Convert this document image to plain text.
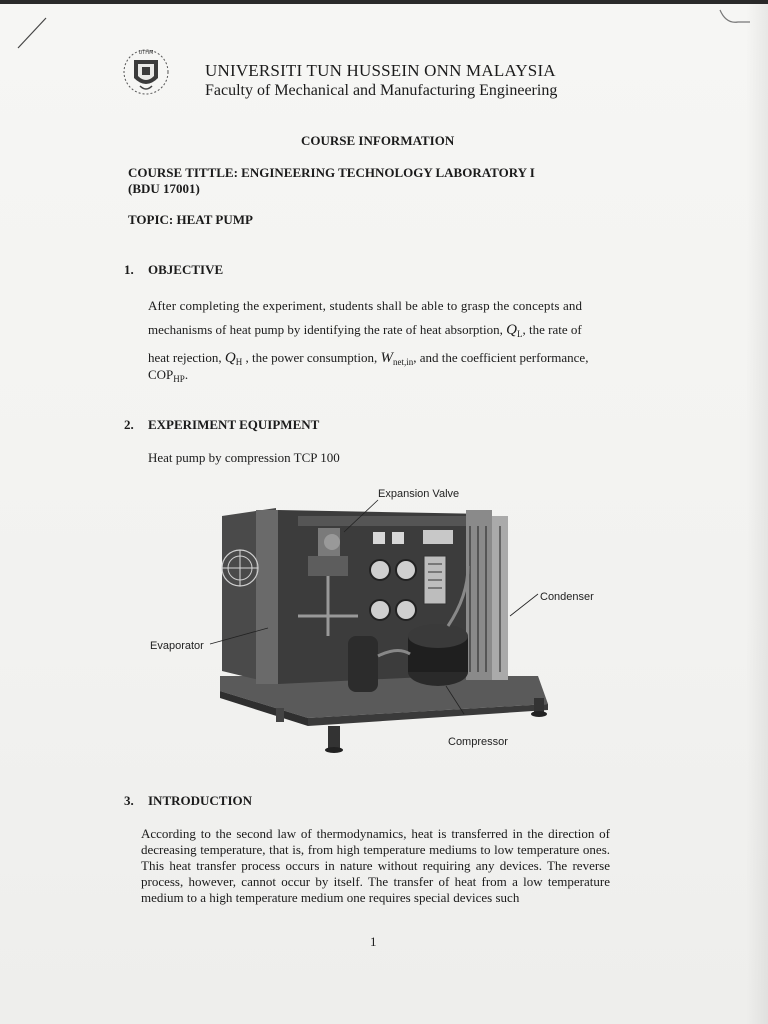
UTHM
UNIVERSITI TUN HUSSEIN ONN MALAYSIA
Faculty of Mechanical and Manufacturing Engineering
COURSE INFORMATION
COURSE TITTLE: ENGINEERING TECHNOLOGY LABORATORY I
(BDU 17001)
TOPIC: HEAT PUMP
1. OBJECTIVE
After completing the experiment, students shall be able to grasp the concepts and
mechanisms of heat pump by identifying the rate of heat absorption, $Q_L$, the rate of
heat rejection, $Q_H$ , the power consumption, $W_{net,in}$, and the coefficient performance,
$COP_{HP}$.
2. EXPERIMENT EQUIPMENT
Heat pump by compression TCP 100
Expansion Valve
Condenser
Evaporator
Compressor
3. INTRODUCTION
According to the second law of thermodynamics, heat is transferred in the direction of decreasing temperature, that is, from high temperature mediums to low temperature ones. This heat transfer process occurs in nature without requiring any devices. The reverse process, however, cannot occur by itself. The transfer of heat from a low temperature medium to a high temperature medium one requires special devices such
1
